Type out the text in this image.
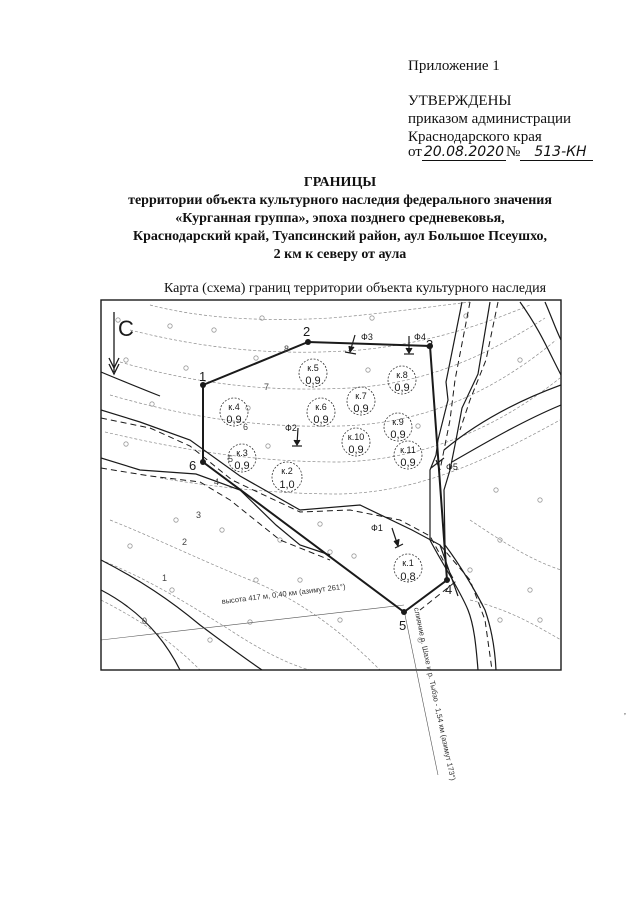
Приложение 1
УТВЕРЖДЕНЫ
приказом администрации
Краснодарского края
от 20.08.2020 № 513-КН
ГРАНИЦЫ
территории объекта культурного наследия федерального значения
«Курганная группа», эпоха позднего средневековья,
Краснодарский край, Туапсинский район, аул Большое Псеушхо,
2 км к северу от аула
Карта (схема) границ территории объекта культурного наследия
к.1
0,8
к.2
1,0
к.3
0,9
к.4
0,9
к.5
0,9
к.6
0,9
к.7
0,9
к.8
0,9
к.9
0,9
к.10
0,9	к.11
0,9
1
2
3
4
5
6
Ф1
Ф2
Ф3	Ф4
Ф5
0
1
2
3
4
5
6
7
8
высота 417 м, 0,40 км (азимут 261°)
слияние р. Шахе и р. Тыбзо - 1,54 км (азимут 173°)
С
,
